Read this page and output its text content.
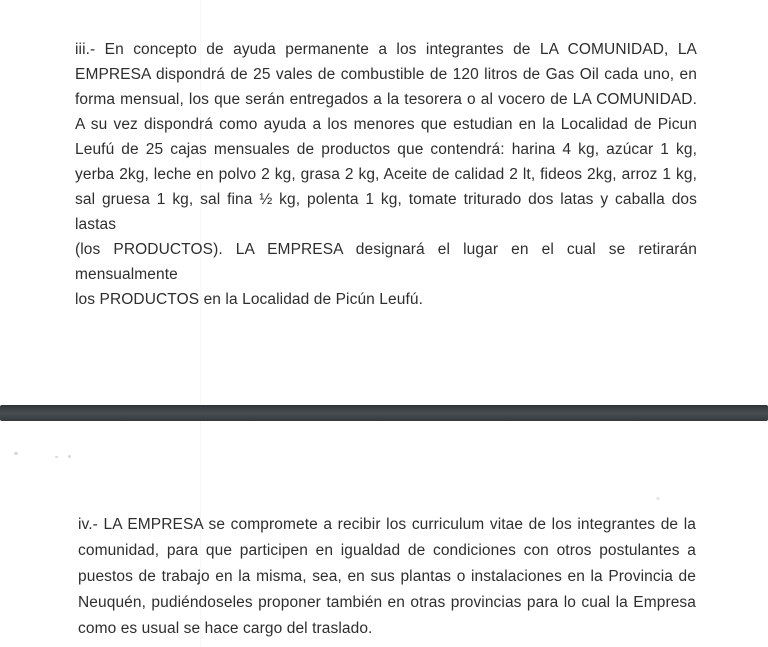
iii.- En concepto de ayuda permanente a los integrantes de LA COMUNIDAD, LA
EMPRESA dispondrá de 25 vales de combustible de 120 litros de Gas Oil cada uno, en
forma mensual, los que serán entregados a la tesorera o al vocero de LA COMUNIDAD.
A su vez dispondrá como ayuda a los menores que estudian en la Localidad de Picun
Leufú de 25 cajas mensuales de productos que contendrá: harina 4 kg, azúcar 1 kg,
yerba 2kg, leche en polvo 2 kg, grasa 2 kg, Aceite de calidad 2 lt, fideos 2kg, arroz 1 kg,
sal gruesa 1 kg, sal fina ½ kg, polenta 1 kg, tomate triturado dos latas y caballa dos lastas
(los PRODUCTOS). LA EMPRESA designará el lugar en el cual se retirarán mensualmente
los PRODUCTOS en la Localidad de Picún Leufú.
iv.- LA EMPRESA se compromete a recibir los curriculum vitae de los integrantes de la
comunidad, para que participen en igualdad de condiciones con otros postulantes a
puestos de trabajo en la misma, sea, en sus plantas o instalaciones en la Provincia de
Neuquén, pudiéndoseles proponer también en otras provincias para lo cual la Empresa
como es usual se hace cargo del traslado.
